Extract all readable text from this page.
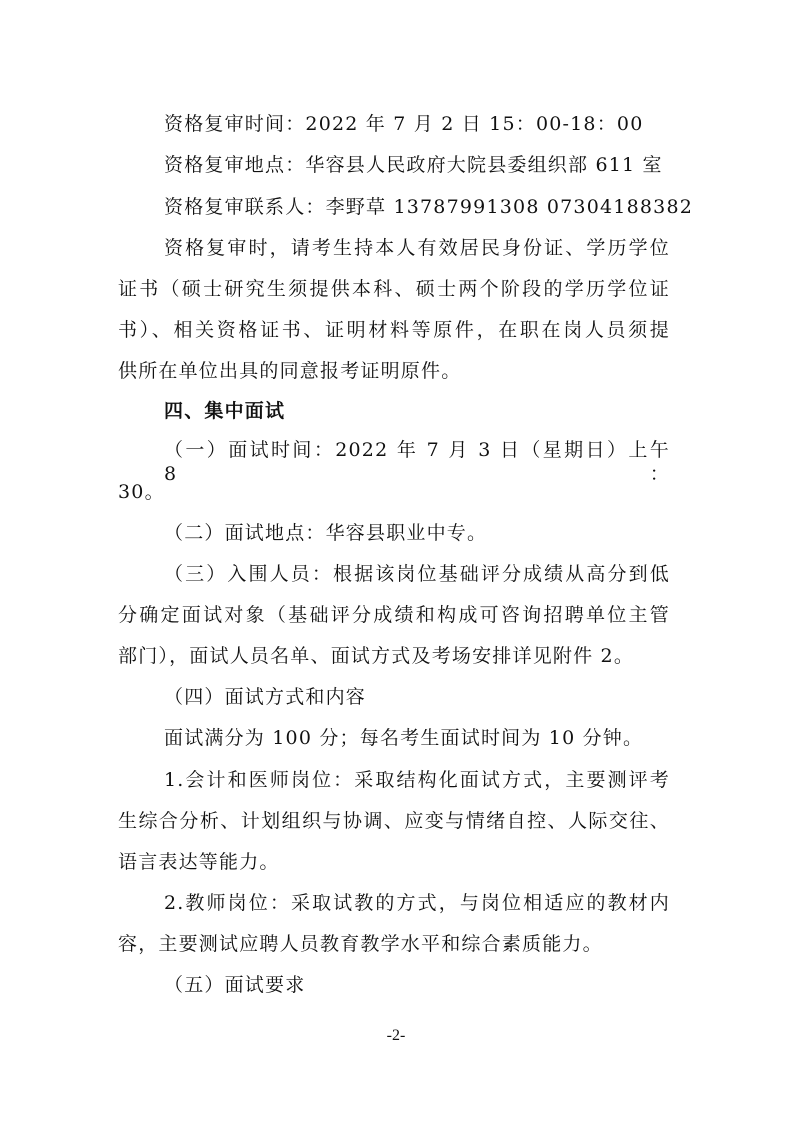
资格复审时间：2022 年 7 月 2 日 15：00-18：00
资格复审地点：华容县人民政府大院县委组织部 611 室
资格复审联系人：李野草 13787991308 07304188382
资格复审时，请考生持本人有效居民身份证、学历学位
证书（硕士研究生须提供本科、硕士两个阶段的学历学位证
书）、相关资格证书、证明材料等原件，在职在岗人员须提
供所在单位出具的同意报考证明原件。
四、集中面试
（一）面试时间：2022 年 7 月 3 日（星期日）上午 8：
30。
（二）面试地点：华容县职业中专。
（三）入围人员：根据该岗位基础评分成绩从高分到低
分确定面试对象（基础评分成绩和构成可咨询招聘单位主管
部门），面试人员名单、面试方式及考场安排详见附件 2。
（四）面试方式和内容
面试满分为 100 分；每名考生面试时间为 10 分钟。
1.会计和医师岗位：采取结构化面试方式，主要测评考
生综合分析、计划组织与协调、应变与情绪自控、人际交往、
语言表达等能力。
2.教师岗位：采取试教的方式，与岗位相适应的教材内
容，主要测试应聘人员教育教学水平和综合素质能力。
（五）面试要求
-2-
